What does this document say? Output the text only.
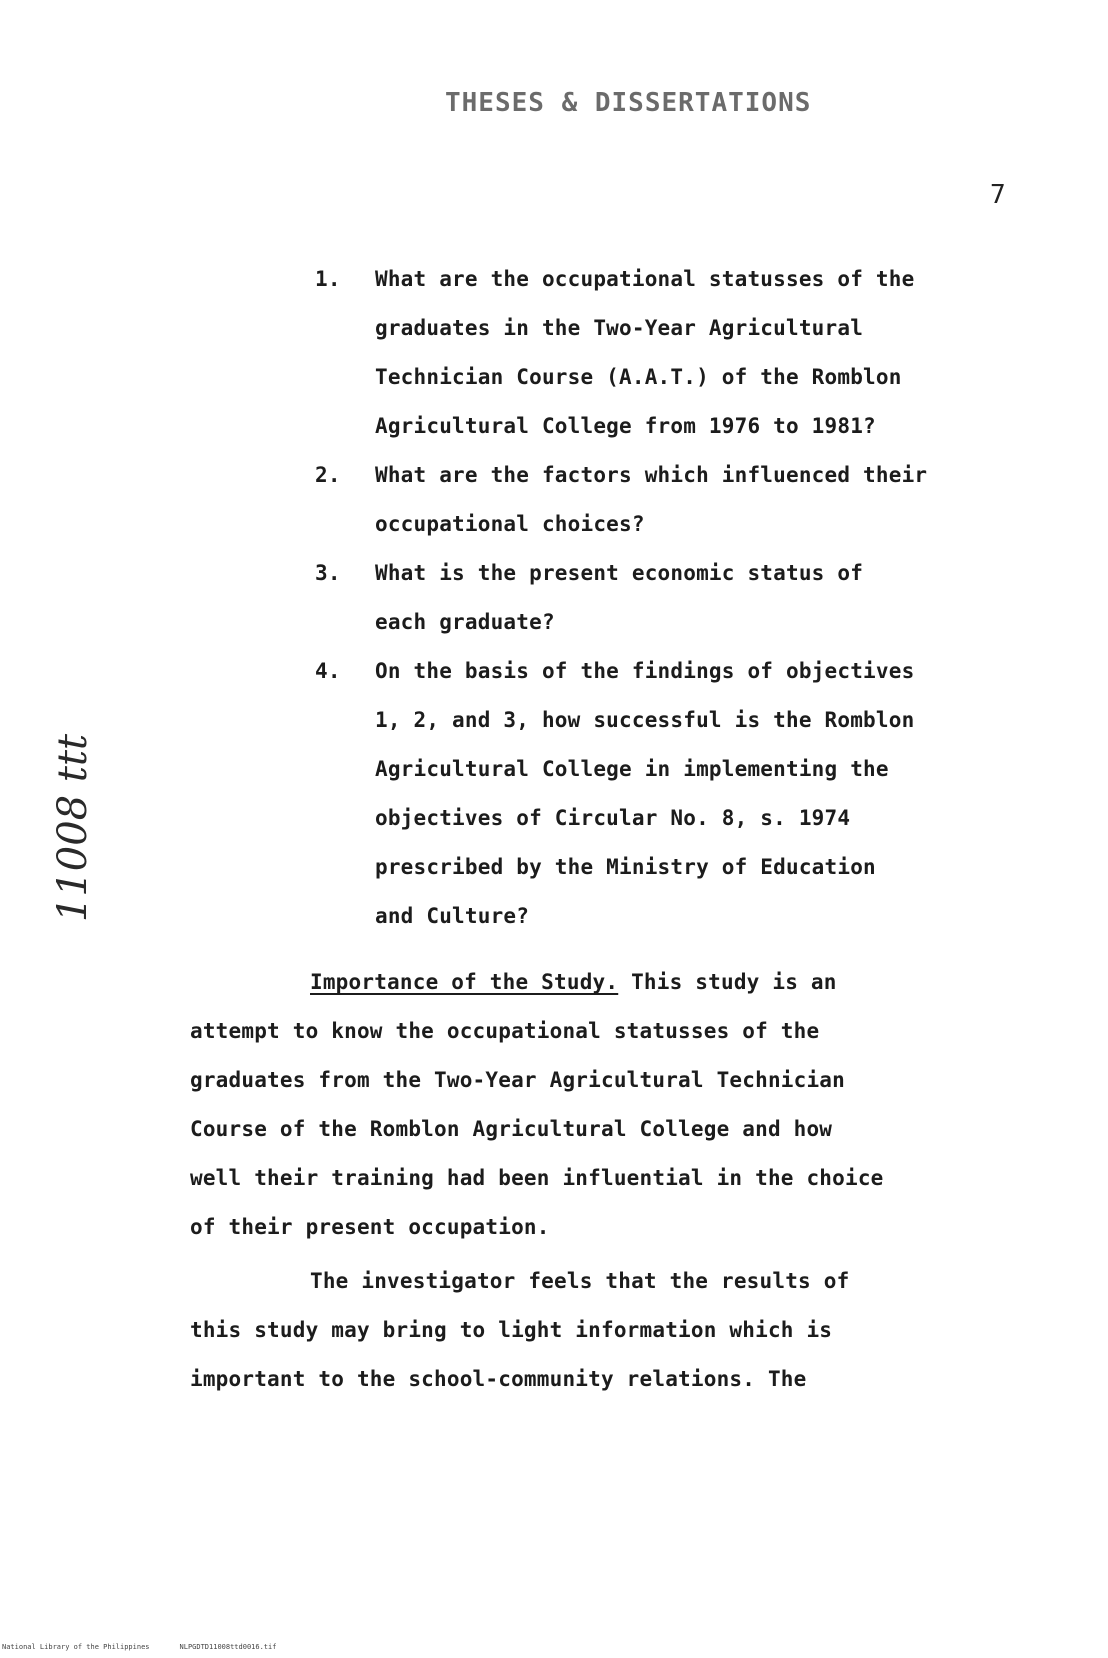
THESES & DISSERTATIONS
7
11008 ttt
1. What are the occupational statusses of the
graduates in the Two-Year Agricultural
Technician Course (A.A.T.) of the Romblon
Agricultural College from 1976 to 1981?
2. What are the factors which influenced their
occupational choices?
3. What is the present economic status of
each graduate?
4. On the basis of the findings of objectives
1, 2, and 3, how successful is the Romblon
Agricultural College in implementing the
objectives of Circular No. 8, s. 1974
prescribed by the Ministry of Education
and Culture?
Importance of the Study. This study is an
attempt to know the occupational statusses of the
graduates from the Two-Year Agricultural Technician
Course of the Romblon Agricultural College and how
well their training had been influential in the choice
of their present occupation.
The investigator feels that the results of
this study may bring to light information which is
important to the school-community relations. The
National Library of the Philippines	NLPGDTD11008ttd0016.tif
